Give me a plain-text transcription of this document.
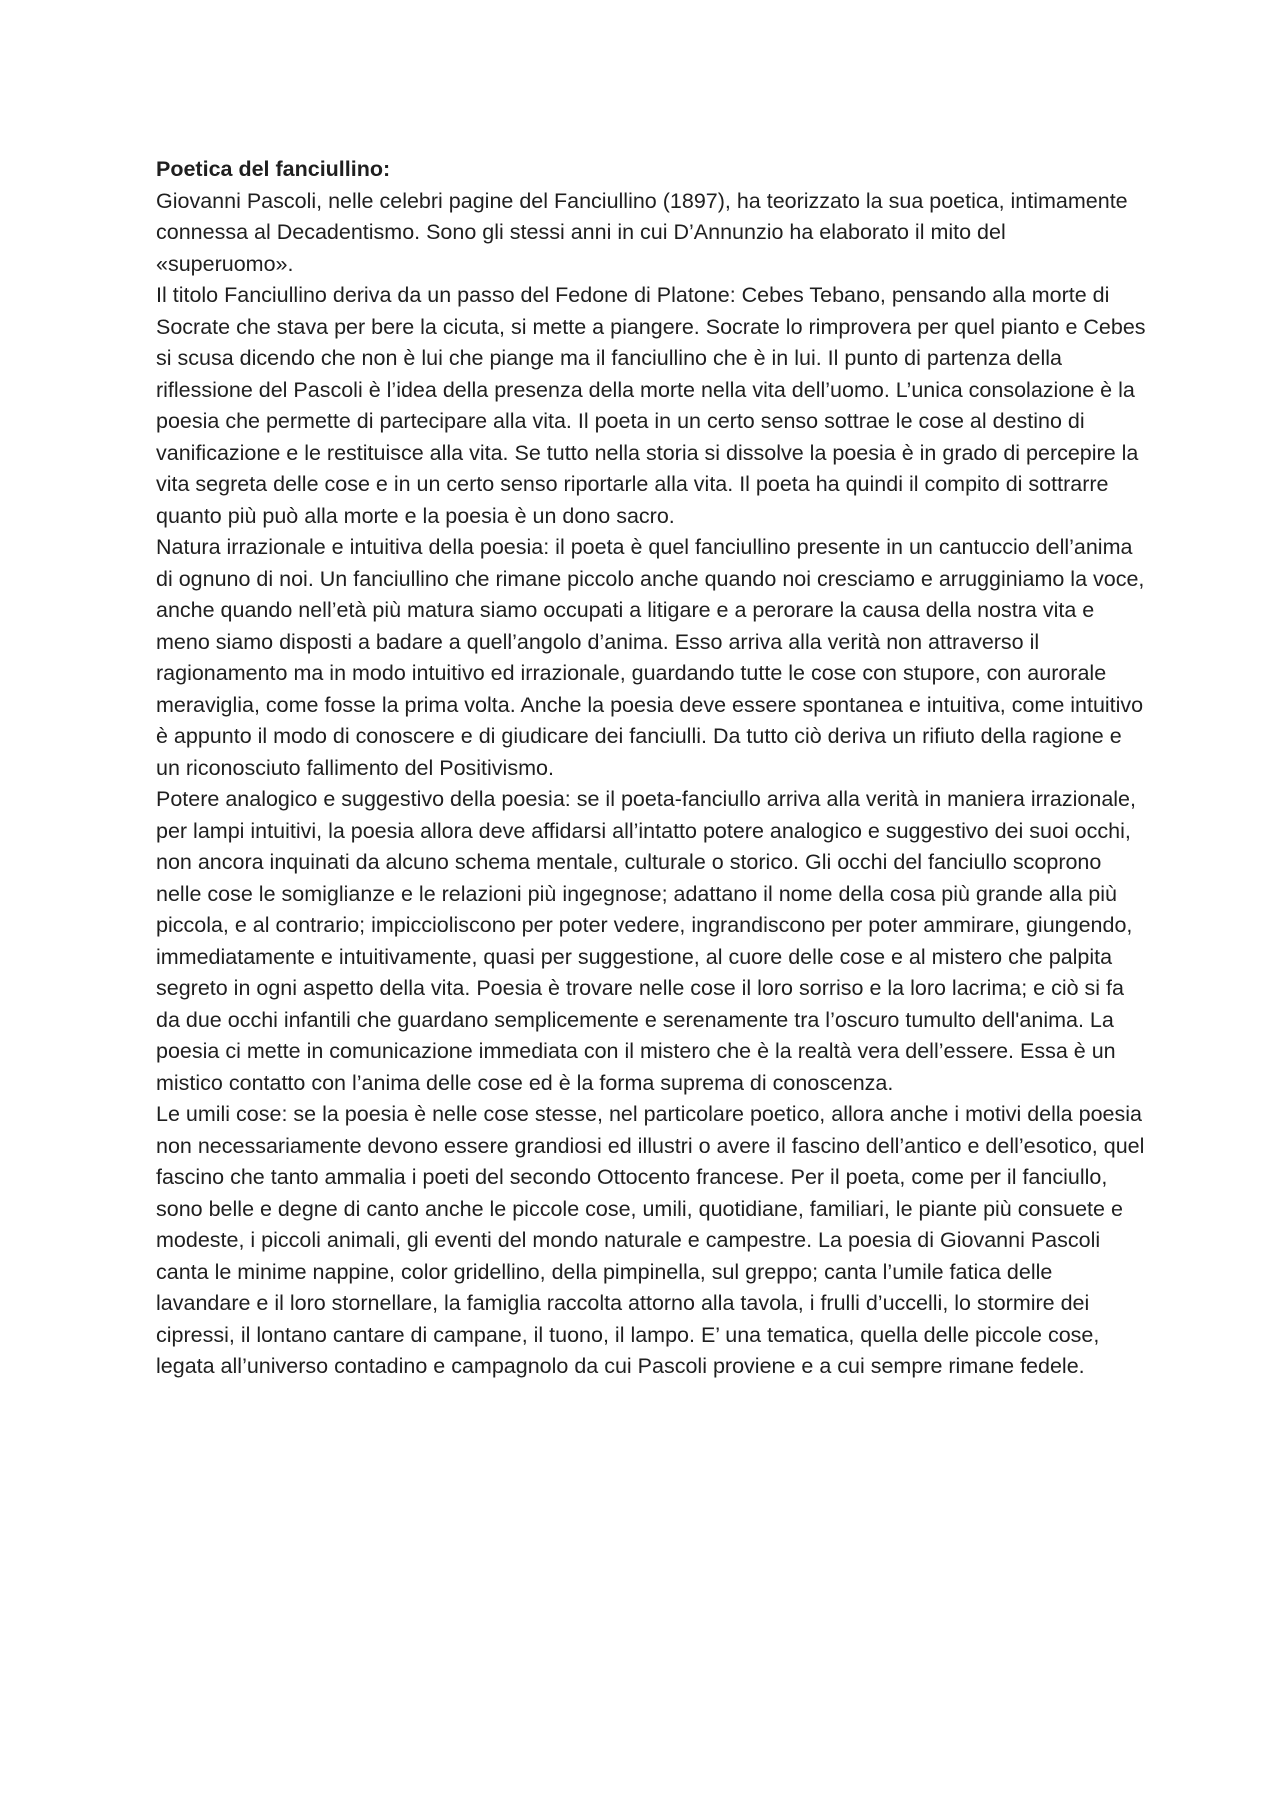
Poetica del fanciullino:

Giovanni Pascoli, nelle celebri pagine del Fanciullino (1897), ha teorizzato la sua poetica, intimamente connessa al Decadentismo. Sono gli stessi anni in cui D’Annunzio ha elaborato il mito del «superuomo».

Il titolo Fanciullino deriva da un passo del Fedone di Platone: Cebes Tebano, pensando alla morte di Socrate che stava per bere la cicuta, si mette a piangere. Socrate lo rimprovera per quel pianto e Cebes si scusa dicendo che non è lui che piange ma il fanciullino che è in lui. Il punto di partenza della riflessione del Pascoli è l’idea della presenza della morte nella vita dell’uomo. L’unica consolazione è la poesia che permette di partecipare alla vita. Il poeta in un certo senso sottrae le cose al destino di vanificazione e le restituisce alla vita. Se tutto nella storia si dissolve la poesia è in grado di percepire la vita segreta delle cose e in un certo senso riportarle alla vita. Il poeta ha quindi il compito di sottrarre quanto più può alla morte e la poesia è un dono sacro.

Natura irrazionale e intuitiva della poesia: il poeta è quel fanciullino presente in un cantuccio dell’anima di ognuno di noi. Un fanciullino che rimane piccolo anche quando noi cresciamo e arrugginiamo la voce, anche quando nell’età più matura siamo occupati a litigare e a perorare la causa della nostra vita e meno siamo disposti a badare a quell’angolo d’anima. Esso arriva alla verità non attraverso il ragionamento ma in modo intuitivo ed irrazionale, guardando tutte le cose con stupore, con aurorale meraviglia, come fosse la prima volta. Anche la poesia deve essere spontanea e intuitiva, come intuitivo è appunto il modo di conoscere e di giudicare dei fanciulli. Da tutto ciò deriva un rifiuto della ragione e un riconosciuto fallimento del Positivismo.

Potere analogico e suggestivo della poesia: se il poeta-fanciullo arriva alla verità in maniera irrazionale, per lampi intuitivi, la poesia allora deve affidarsi all’intatto potere analogico e suggestivo dei suoi occhi, non ancora inquinati da alcuno schema mentale, culturale o storico. Gli occhi del fanciullo scoprono nelle cose le somiglianze e le relazioni più ingegnose; adattano il nome della cosa più grande alla più piccola, e al contrario; impiccioliscono per poter vedere, ingrandiscono per poter ammirare, giungendo, immediatamente e intuitivamente, quasi per suggestione, al cuore delle cose e al mistero che palpita segreto in ogni aspetto della vita. Poesia è trovare nelle cose il loro sorriso e la loro lacrima; e ciò si fa da due occhi infantili che guardano semplicemente e serenamente tra l’oscuro tumulto dell'anima. La poesia ci mette in comunicazione immediata con il mistero che è la realtà vera dell’essere. Essa è un mistico contatto con l’anima delle cose ed è la forma suprema di conoscenza.

Le umili cose: se la poesia è nelle cose stesse, nel particolare poetico, allora anche i motivi della poesia non necessariamente devono essere grandiosi ed illustri o avere il fascino dell’antico e dell’esotico, quel fascino che tanto ammalia i poeti del secondo Ottocento francese. Per il poeta, come per il fanciullo, sono belle e degne di canto anche le piccole cose, umili, quotidiane, familiari, le piante più consuete e modeste, i piccoli animali, gli eventi del mondo naturale e campestre. La poesia di Giovanni Pascoli canta le minime nappine, color gridellino, della pimpinella, sul greppo; canta l’umile fatica delle lavandare e il loro stornellare, la famiglia raccolta attorno alla tavola, i frulli d’uccelli, lo stormire dei cipressi, il lontano cantare di campane, il tuono, il lampo. E’ una tematica, quella delle piccole cose, legata all’universo contadino e campagnolo da cui Pascoli proviene e a cui sempre rimane fedele.
